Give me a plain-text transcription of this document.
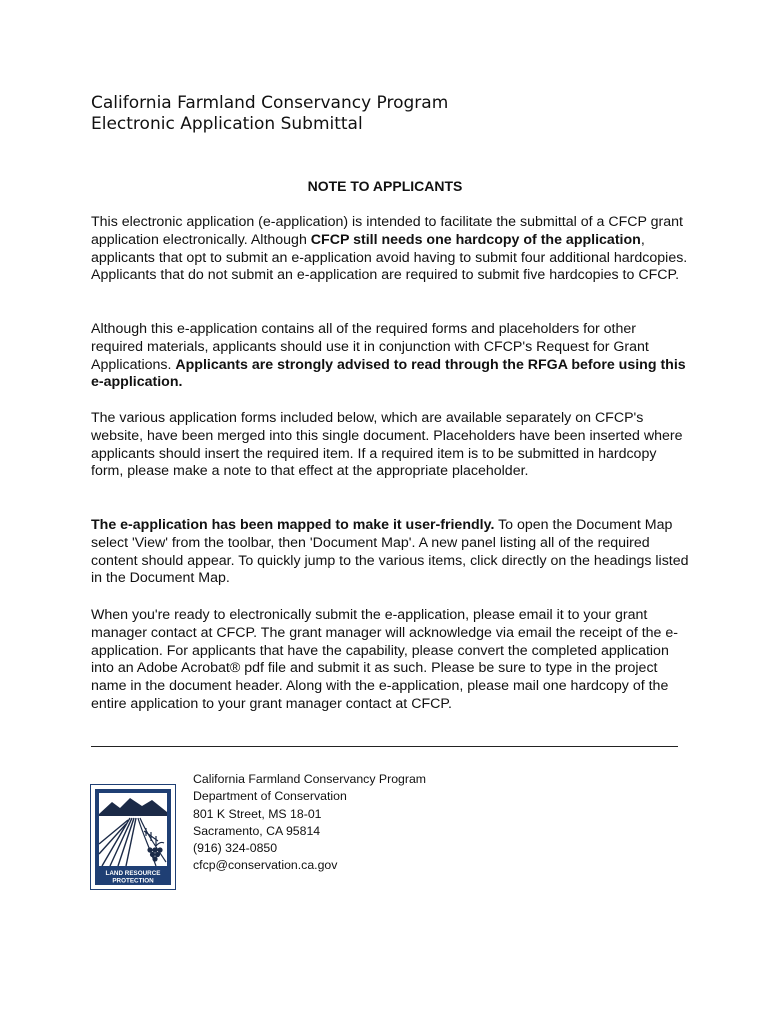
California Farmland Conservancy Program
Electronic Application Submittal
NOTE TO APPLICANTS

This electronic application (e-application) is intended to facilitate the submittal of a CFCP grant application electronically. Although CFCP still needs one hardcopy of the application, applicants that opt to submit an e-application avoid having to submit four additional hardcopies. Applicants that do not submit an e-application are required to submit five hardcopies to CFCP.

Although this e-application contains all of the required forms and placeholders for other required materials, applicants should use it in conjunction with CFCP's Request for Grant Applications. Applicants are strongly advised to read through the RFGA before using this e-application.

The various application forms included below, which are available separately on CFCP's website, have been merged into this single document. Placeholders have been inserted where applicants should insert the required item. If a required item is to be submitted in hardcopy form, please make a note to that effect at the appropriate placeholder.

The e-application has been mapped to make it user-friendly. To open the Document Map select 'View' from the toolbar, then 'Document Map'. A new panel listing all of the required content should appear. To quickly jump to the various items, click directly on the headings listed in the Document Map.

When you're ready to electronically submit the e-application, please email it to your grant manager contact at CFCP. The grant manager will acknowledge via email the receipt of the e-application. For applicants that have the capability, please convert the completed application into an Adobe Acrobat® pdf file and submit it as such. Please be sure to type in the project name in the document header. Along with the e-application, please mail one hardcopy of the entire application to your grant manager contact at CFCP.

LAND RESOURCE
PROTECTION
California Farmland Conservancy Program
Department of Conservation
801 K Street, MS 18-01
Sacramento, CA 95814
(916) 324-0850
cfcp@conservation.ca.gov
